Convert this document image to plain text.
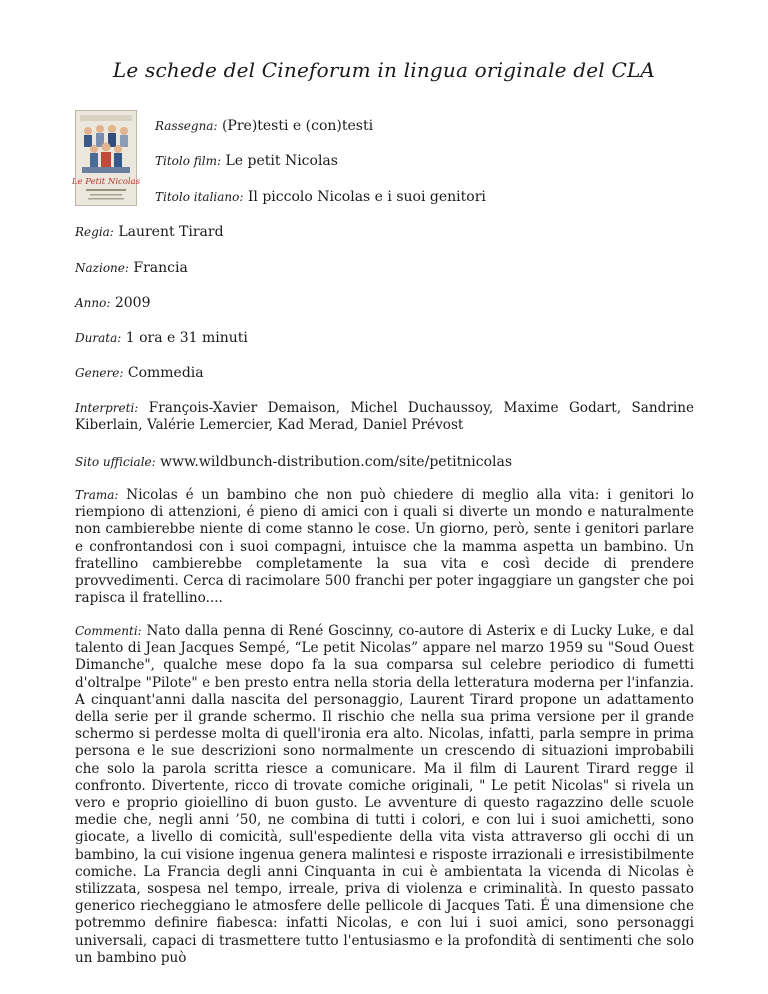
Le schede del Cineforum in lingua originale del CLA
Le Petit Nicolas
Rassegna: (Pre)testi e (con)testi
Titolo film: Le petit Nicolas
Titolo italiano: Il piccolo Nicolas e i suoi genitori
Regia: Laurent Tirard
Nazione: Francia
Anno: 2009
Durata: 1 ora e 31 minuti
Genere: Commedia
Interpreti: François-Xavier Demaison, Michel Duchaussoy, Maxime Godart, Sandrine Kiberlain, Valérie Lemercier, Kad Merad, Daniel Prévost
Sito ufficiale: www.wildbunch-distribution.com/site/petitnicolas
Trama: Nicolas é un bambino che non può chiedere di meglio alla vita: i genitori lo riempiono di attenzioni, é pieno di amici con i quali si diverte un mondo e naturalmente non cambierebbe niente di come stanno le cose. Un giorno, però, sente i genitori parlare e confrontandosi con i suoi compagni, intuisce che la mamma aspetta un bambino. Un fratellino cambierebbe completamente la sua vita e così decide di prendere provvedimenti. Cerca di racimolare 500 franchi per poter ingaggiare un gangster che poi rapisca il fratellino....
Commenti: Nato dalla penna di René Goscinny, co-autore di Asterix e di Lucky Luke, e dal talento di Jean Jacques Sempé, “Le petit Nicolas” appare nel marzo 1959 su "Soud Ouest Dimanche", qualche mese dopo fa la sua comparsa sul celebre periodico di fumetti d'oltralpe "Pilote" e ben presto entra nella storia della letteratura moderna per l'infanzia. A cinquant'anni dalla nascita del personaggio, Laurent Tirard propone un adattamento della serie per il grande schermo. Il rischio che nella sua prima versione per il grande schermo si perdesse molta di quell'ironia era alto. Nicolas, infatti, parla sempre in prima persona e le sue descrizioni sono normalmente un crescendo di situazioni improbabili che solo la parola scritta riesce a comunicare. Ma il film di Laurent Tirard regge il confronto. Divertente, ricco di trovate comiche originali, " Le petit Nicolas" si rivela un vero e proprio gioiellino di buon gusto. Le avventure di questo ragazzino delle scuole medie che, negli anni ’50, ne combina di tutti i colori, e con lui i suoi amichetti, sono giocate, a livello di comicità, sull'espediente della vita vista attraverso gli occhi di un bambino, la cui visione ingenua genera malintesi e risposte irrazionali e irresistibilmente comiche. La Francia degli anni Cinquanta in cui è ambientata la vicenda di Nicolas è stilizzata, sospesa nel tempo, irreale, priva di violenza e criminalità. In questo passato generico riecheggiano le atmosfere delle pellicole di Jacques Tati. É una dimensione che potremmo definire fiabesca: infatti Nicolas, e con lui i suoi amici, sono personaggi universali, capaci di trasmettere tutto l'entusiasmo e la profondità di sentimenti che solo un bambino può
